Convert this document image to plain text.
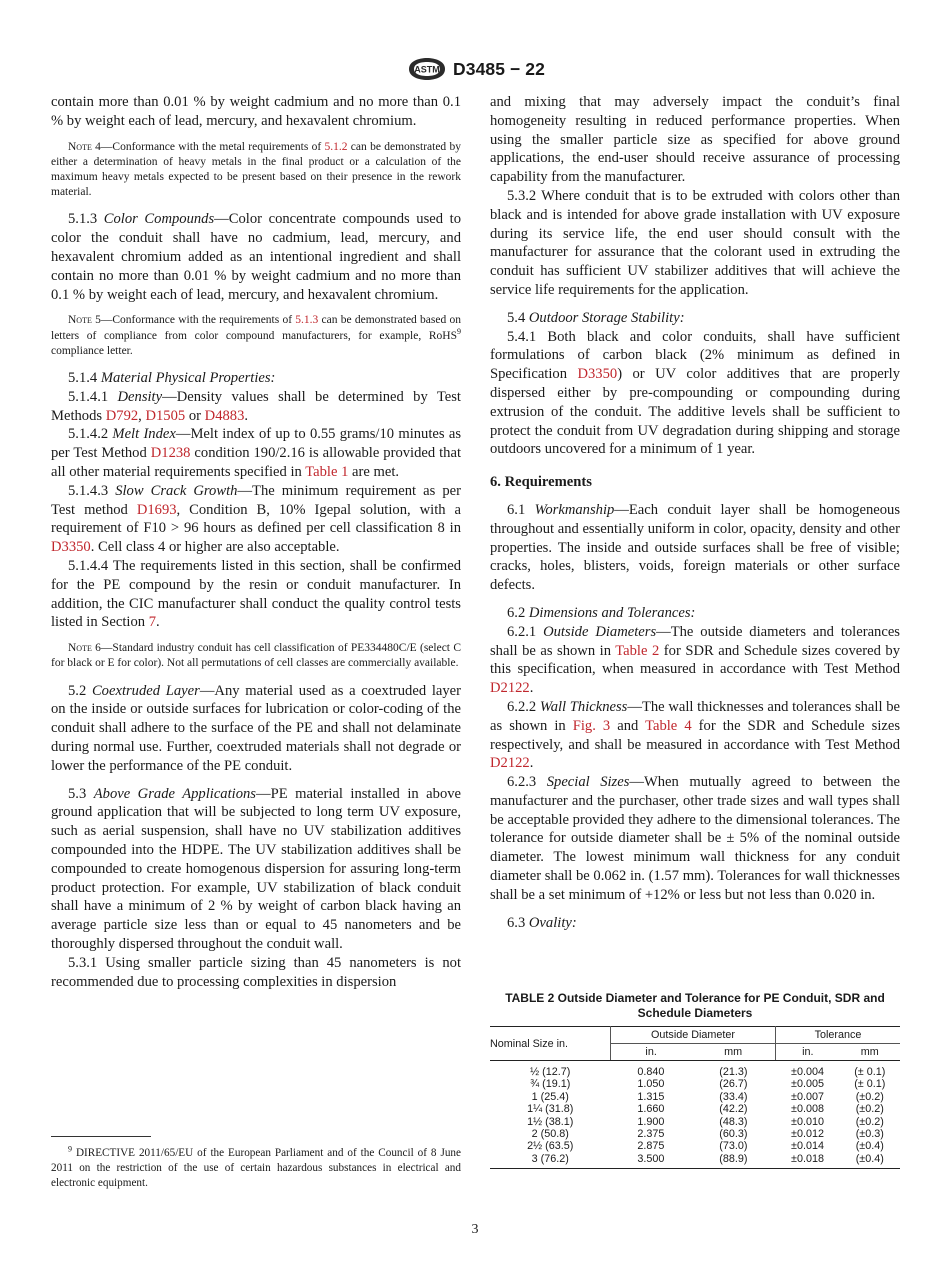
ASTM D3485 − 22

contain more than 0.01 % by weight cadmium and no more than 0.1 % by weight each of lead, mercury, and hexavalent chromium.

Note 4—Conformance with the metal requirements of 5.1.2 can be demonstrated by either a determination of heavy metals in the final product or a calculation of the maximum heavy metals expected to be present based on their presence in the rework material.

5.1.3 Color Compounds—Color concentrate compounds used to color the conduit shall have no cadmium, lead, mercury, and hexavalent chromium added as an intentional ingredient and shall contain no more than 0.01 % by weight cadmium and no more than 0.1 % by weight each of lead, mercury, and hexavalent chromium.

Note 5—Conformance with the requirements of 5.1.3 can be demonstrated based on letters of compliance from color compound manufacturers, for example, RoHS$^9$ compliance letter.

5.1.4 Material Physical Properties:

5.1.4.1 Density—Density values shall be determined by Test Methods D792, D1505 or D4883.

5.1.4.2 Melt Index—Melt index of up to 0.55 grams/10 minutes as per Test Method D1238 condition 190/2.16 is allowable provided that all other material requirements specified in Table 1 are met.

5.1.4.3 Slow Crack Growth—The minimum requirement as per Test method D1693, Condition B, 10% Igepal solution, with a requirement of F10 > 96 hours as defined per cell classification 8 in D3350. Cell class 4 or higher are also acceptable.

5.1.4.4 The requirements listed in this section, shall be confirmed for the PE compound by the resin or conduit manufacturer. In addition, the CIC manufacturer shall conduct the quality control tests listed in Section 7.

Note 6—Standard industry conduit has cell classification of PE334480C/E (select C for black or E for color). Not all permutations of cell classes are commercially available.

5.2 Coextruded Layer—Any material used as a coextruded layer on the inside or outside surfaces for lubrication or color-coding of the conduit shall adhere to the surface of the PE and shall not delaminate during normal use. Further, coextruded materials shall not degrade or lower the performance of the PE conduit.

5.3 Above Grade Applications—PE material installed in above ground application that will be subjected to long term UV exposure, such as aerial suspension, shall have no UV stabilization additives compounded into the HDPE. The UV stabilization additives shall be compounded to create homogenous dispersion for assuring long-term product protection. For example, UV stabilization of black conduit shall have a minimum of 2 % by weight of carbon black having an average particle size less than or equal to 45 nanometers and be thoroughly dispersed throughout the conduit wall.

5.3.1 Using smaller particle sizing than 45 nanometers is not recommended due to processing complexities in dispersion

$^9$ DIRECTIVE 2011/65/EU of the European Parliament and of the Council of 8 June 2011 on the restriction of the use of certain hazardous substances in electrical and electronic equipment.

and mixing that may adversely impact the conduit’s final homogeneity resulting in reduced performance properties. When using the smaller particle size as specified for above ground applications, the end-user should receive assurance of processing capability from the manufacturer.

5.3.2 Where conduit that is to be extruded with colors other than black and is intended for above grade installation with UV exposure during its service life, the end user should consult with the manufacturer for assurance that the colorant used in extruding the conduit has sufficient UV stabilizer additives that will achieve the service life requirements for the application.

5.4 Outdoor Storage Stability:

5.4.1 Both black and color conduits, shall have sufficient formulations of carbon black (2% minimum as defined in Specification D3350) or UV color additives that are properly dispersed either by pre-compounding or compounding during extrusion of the conduit. The additive levels shall be sufficient to protect the conduit from UV degradation during shipping and storage outdoors uncovered for a minimum of 1 year.

6. Requirements

6.1 Workmanship—Each conduit layer shall be homogeneous throughout and essentially uniform in color, opacity, density and other properties. The inside and outside surfaces shall be free of visible; cracks, holes, blisters, voids, foreign materials or other surface defects.

6.2 Dimensions and Tolerances:

6.2.1 Outside Diameters—The outside diameters and tolerances shall be as shown in Table 2 for SDR and Schedule sizes covered by this specification, when measured in accordance with Test Method D2122.

6.2.2 Wall Thickness—The wall thicknesses and tolerances shall be as shown in Fig. 3 and Table 4 for the SDR and Schedule sizes respectively, and shall be measured in accordance with Test Method D2122.

6.2.3 Special Sizes—When mutually agreed to between the manufacturer and the purchaser, other trade sizes and wall types shall be acceptable provided they adhere to the dimensional tolerances. The tolerance for outside diameter shall be ± 5% of the nominal outside diameter. The lowest minimum wall thickness for any conduit diameter shall be 0.062 in. (1.57 mm). Tolerances for wall thicknesses shall be a set minimum of +12% or less but not less than 0.020 in.

6.3 Ovality:

TABLE 2 Outside Diameter and Tolerance for PE Conduit, SDR and Schedule Diameters
Nominal Size in.	Outside Diameter		Tolerance	
	in.	mm	in.	mm
½ (12.7)	0.840	(21.3)	±0.004	(± 0.1)
¾ (19.1)	1.050	(26.7)	±0.005	(± 0.1)
1 (25.4)	1.315	(33.4)	±0.007	(±0.2)
1¼ (31.8)	1.660	(42.2)	±0.008	(±0.2)
1½ (38.1)	1.900	(48.3)	±0.010	(±0.2)
2 (50.8)	2.375	(60.3)	±0.012	(±0.3)
2½ (63.5)	2.875	(73.0)	±0.014	(±0.4)
3 (76.2)	3.500	(88.9)	±0.018	(±0.4)
3
